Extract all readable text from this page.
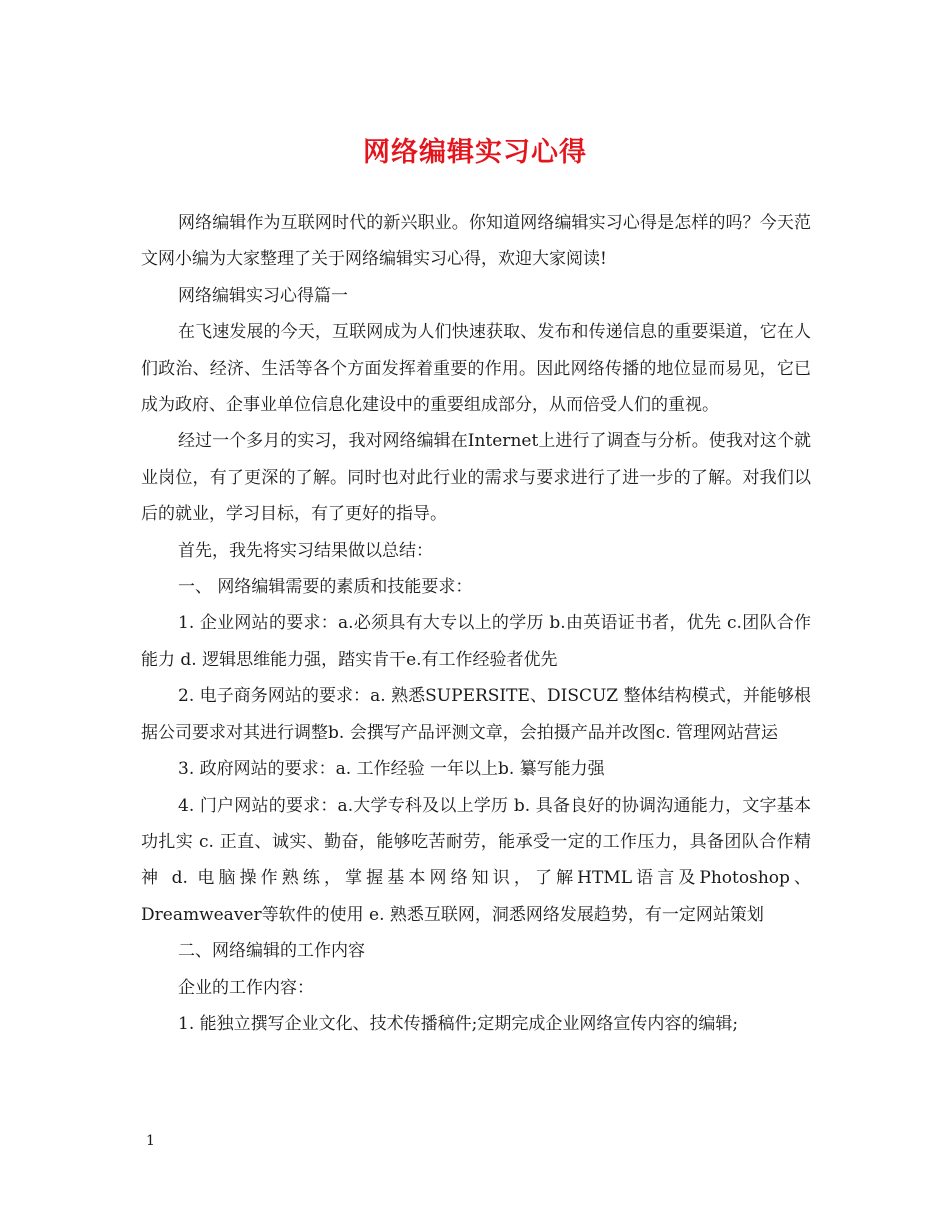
网络编辑实习心得

网络编辑作为互联网时代的新兴职业。你知道网络编辑实习心得是怎样的吗？今天范文网小编为大家整理了关于网络编辑实习心得，欢迎大家阅读!

网络编辑实习心得篇一

在飞速发展的今天，互联网成为人们快速获取、发布和传递信息的重要渠道，它在人们政治、经济、生活等各个方面发挥着重要的作用。因此网络传播的地位显而易见，它已成为政府、企事业单位信息化建设中的重要组成部分，从而倍受人们的重视。

经过一个多月的实习，我对网络编辑在Internet上进行了调查与分析。使我对这个就业岗位，有了更深的了解。同时也对此行业的需求与要求进行了进一步的了解。对我们以后的就业，学习目标，有了更好的指导。

首先，我先将实习结果做以总结：

一、 网络编辑需要的素质和技能要求：

1. 企业网站的要求：a.必须具有大专以上的学历 b.由英语证书者，优先 c.团队合作能力 d. 逻辑思维能力强，踏实肯干e.有工作经验者优先

2. 电子商务网站的要求：a. 熟悉SUPERSITE、DISCUZ 整体结构模式，并能够根据公司要求对其进行调整b. 会撰写产品评测文章，会拍摄产品并改图c. 管理网站营运

3. 政府网站的要求：a. 工作经验 一年以上b. 纂写能力强

4. 门户网站的要求：a.大学专科及以上学历 b. 具备良好的协调沟通能力，文字基本功扎实 c. 正直、诚实、勤奋，能够吃苦耐劳，能承受一定的工作压力，具备团队合作精神 d. 电脑操作熟练，掌握基本网络知识，了解HTML语言及Photoshop、Dreamweaver等软件的使用 e. 熟悉互联网，洞悉网络发展趋势，有一定网站策划

二、网络编辑的工作内容

企业的工作内容：

1. 能独立撰写企业文化、技术传播稿件;定期完成企业网络宣传内容的编辑;

1
